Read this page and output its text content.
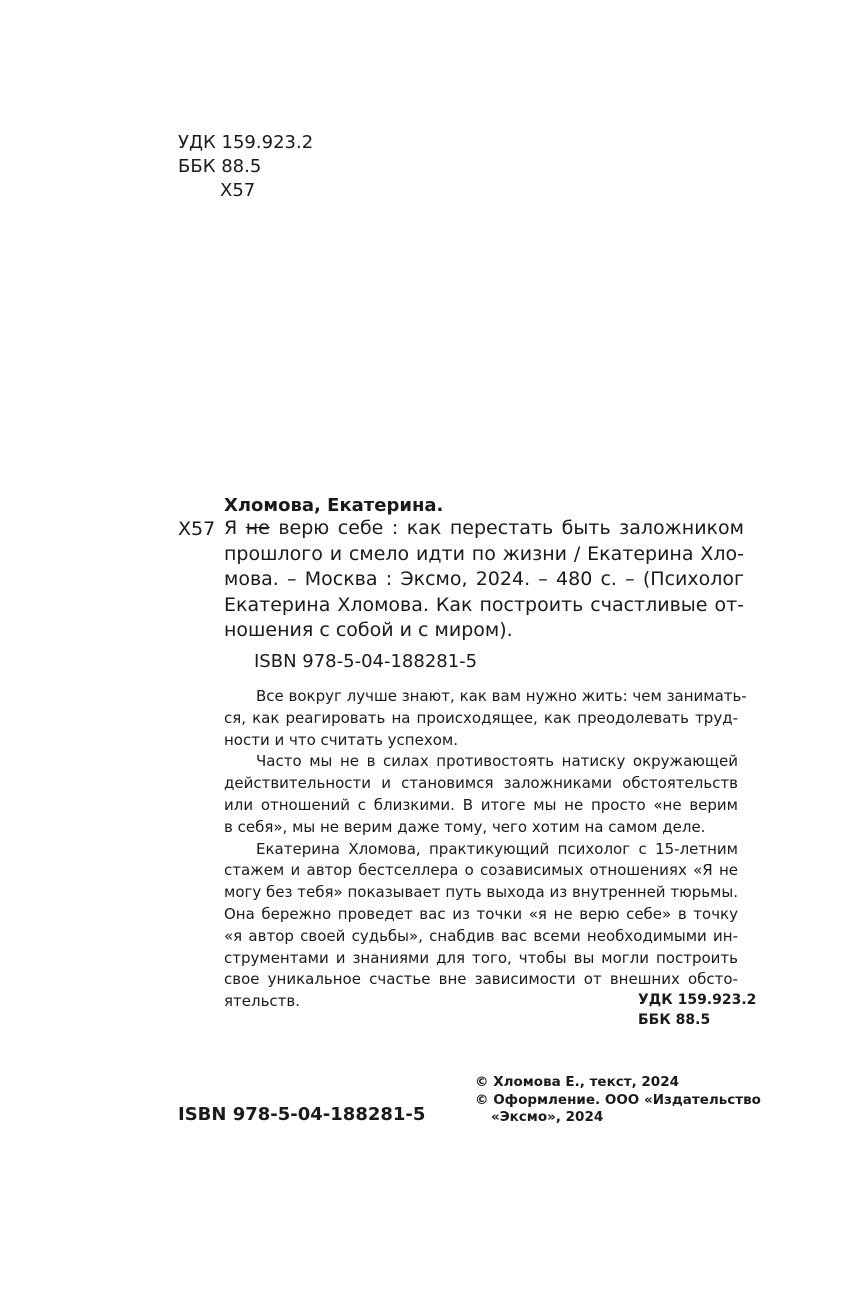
УДК 159.923.2
ББК 88.5
Х57
Хломова, Екатерина.
Х57 Я не верю себе : как перестать быть заложником
прошлого и смело идти по жизни / Екатерина Хло-
мова. – Москва : Эксмо, 2024. – 480 с. – (Психолог
Екатерина Хломова. Как построить счастливые от-
ношения с собой и с миром).
ISBN 978-5-04-188281-5

Все вокруг лучше знают, как вам нужно жить: чем занимать-
ся, как реагировать на происходящее, как преодолевать труд-
ности и что считать успехом.

Часто мы не в силах противостоять натиску окружающей
действительности и становимся заложниками обстоятельств
или отношений с близкими. В итоге мы не просто «не верим
в себя», мы не верим даже тому, чего хотим на самом деле.

Екатерина Хломова, практикующий психолог с 15-летним
стажем и автор бестселлера о созависимых отношениях «Я не
могу без тебя» показывает путь выхода из внутренней тюрьмы.
Она бережно проведет вас из точки «я не верю себе» в точку
«я автор своей судьбы», снабдив вас всеми необходимыми ин-
струментами и знаниями для того, чтобы вы могли построить
свое уникальное счастье вне зависимости от внешних обсто-
ятельств.	УДК 159.923.2
ББК 88.5
ISBN 978-5-04-188281-5
© Хломова Е., текст, 2024
© Оформление. ООО «Издательство
«Эксмо», 2024
